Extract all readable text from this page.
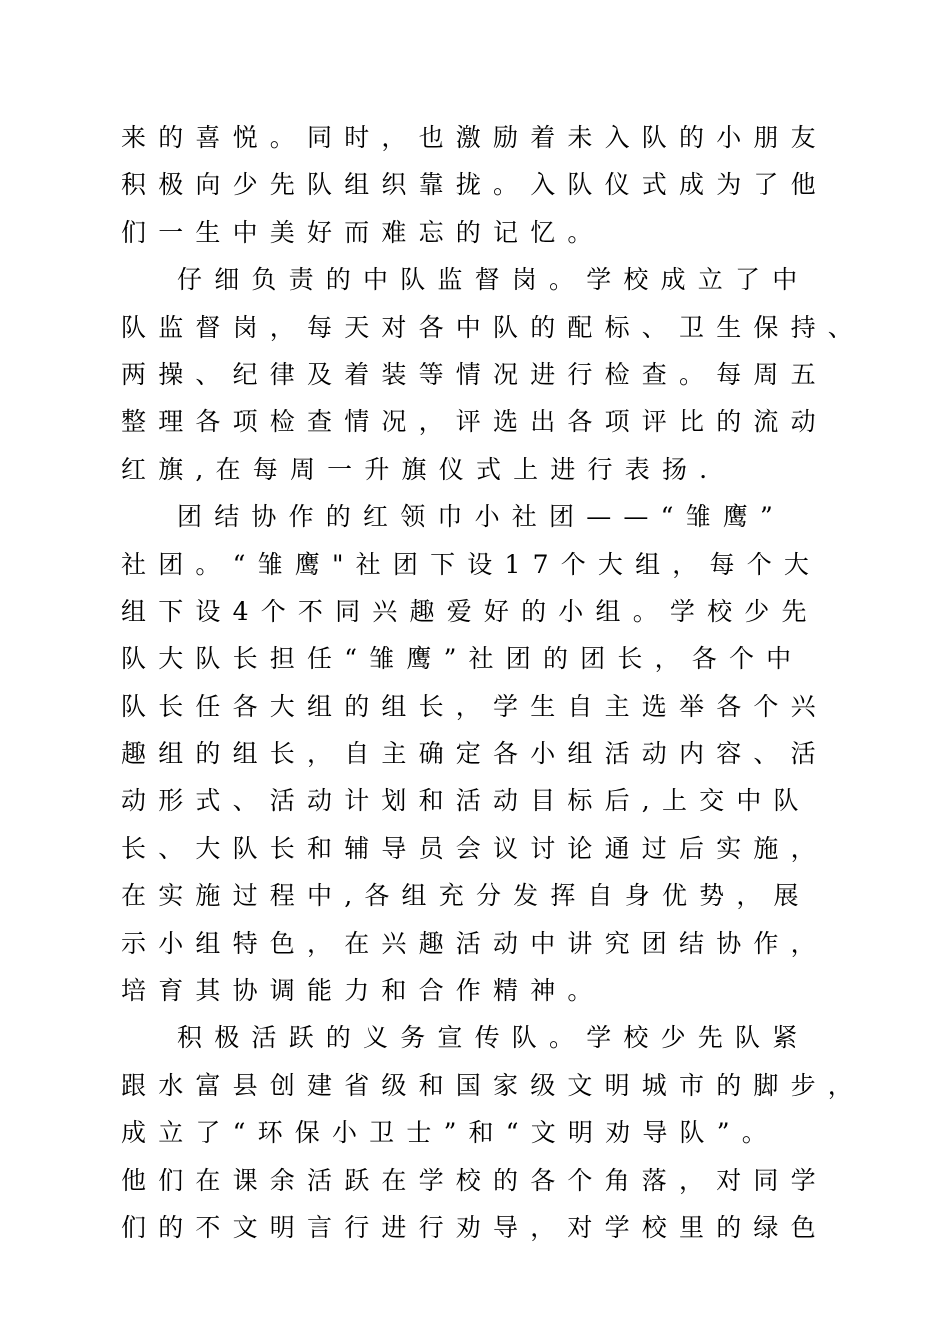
来的喜悦。同时，也激励着未入队的小朋友
积极向少先队组织靠拢。入队仪式成为了他
们一生中美好而难忘的记忆。
仔细负责的中队监督岗。学校成立了中
队监督岗，每天对各中队的配标、卫生保持、
两操、纪律及着装等情况进行检查。每周五
整理各项检查情况，评选出各项评比的流动
红旗,在每周一升旗仪式上进行表扬.
团结协作的红领巾小社团——“雏鹰”
社团。“雏鹰"社团下设17个大组，每个大
组下设4个不同兴趣爱好的小组。学校少先
队大队长担任“雏鹰”社团的团长，各个中
队长任各大组的组长，学生自主选举各个兴
趣组的组长，自主确定各小组活动内容、活
动形式、活动计划和活动目标后,上交中队
长、大队长和辅导员会议讨论通过后实施，
在实施过程中,各组充分发挥自身优势，展
示小组特色，在兴趣活动中讲究团结协作，
培育其协调能力和合作精神。
积极活跃的义务宣传队。学校少先队紧
跟水富县创建省级和国家级文明城市的脚步，
成立了“环保小卫士”和“文明劝导队”。
他们在课余活跃在学校的各个角落，对同学
们的不文明言行进行劝导，对学校里的绿色
